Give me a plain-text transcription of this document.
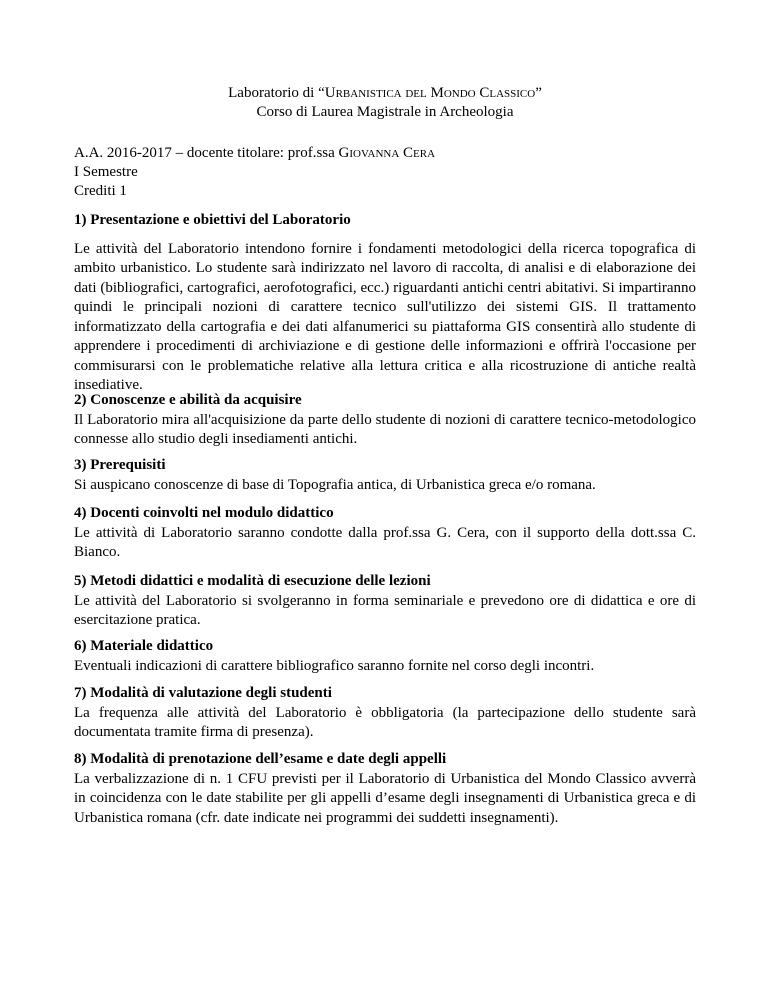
Laboratorio di “Urbanistica del Mondo Classico”
Corso di Laurea Magistrale in Archeologia
A.A. 2016-2017 – docente titolare: prof.ssa Giovanna Cera
I Semestre
Crediti 1
1) Presentazione e obiettivi del Laboratorio

Le attività del Laboratorio intendono fornire i fondamenti metodologici della ricerca topografica di ambito urbanistico. Lo studente sarà indirizzato nel lavoro di raccolta, di analisi e di elaborazione dei dati (bibliografici, cartografici, aerofotografici, ecc.) riguardanti antichi centri abitativi. Si impartiranno quindi le principali nozioni di carattere tecnico sull'utilizzo dei sistemi GIS. Il trattamento informatizzato della cartografia e dei dati alfanumerici su piattaforma GIS consentirà allo studente di apprendere i procedimenti di archiviazione e di gestione delle informazioni e offrirà l'occasione per commisurarsi con le problematiche relative alla lettura critica e alla ricostruzione di antiche realtà insediative.

2) Conoscenze e abilità da acquisire

Il Laboratorio mira all'acquisizione da parte dello studente di nozioni di carattere tecnico-metodologico connesse allo studio degli insediamenti antichi.

3) Prerequisiti

Si auspicano conoscenze di base di Topografia antica, di Urbanistica greca e/o romana.

4) Docenti coinvolti nel modulo didattico

Le attività di Laboratorio saranno condotte dalla prof.ssa G. Cera, con il supporto della dott.ssa C. Bianco.

5) Metodi didattici e modalità di esecuzione delle lezioni

Le attività del Laboratorio si svolgeranno in forma seminariale e prevedono ore di didattica e ore di esercitazione pratica.

6) Materiale didattico

Eventuali indicazioni di carattere bibliografico saranno fornite nel corso degli incontri.

7) Modalità di valutazione degli studenti

La frequenza alle attività del Laboratorio è obbligatoria (la partecipazione dello studente sarà documentata tramite firma di presenza).

8) Modalità di prenotazione dell’esame e date degli appelli

La verbalizzazione di n. 1 CFU previsti per il Laboratorio di Urbanistica del Mondo Classico avverrà in coincidenza con le date stabilite per gli appelli d’esame degli insegnamenti di Urbanistica greca e di Urbanistica romana (cfr. date indicate nei programmi dei suddetti insegnamenti).
